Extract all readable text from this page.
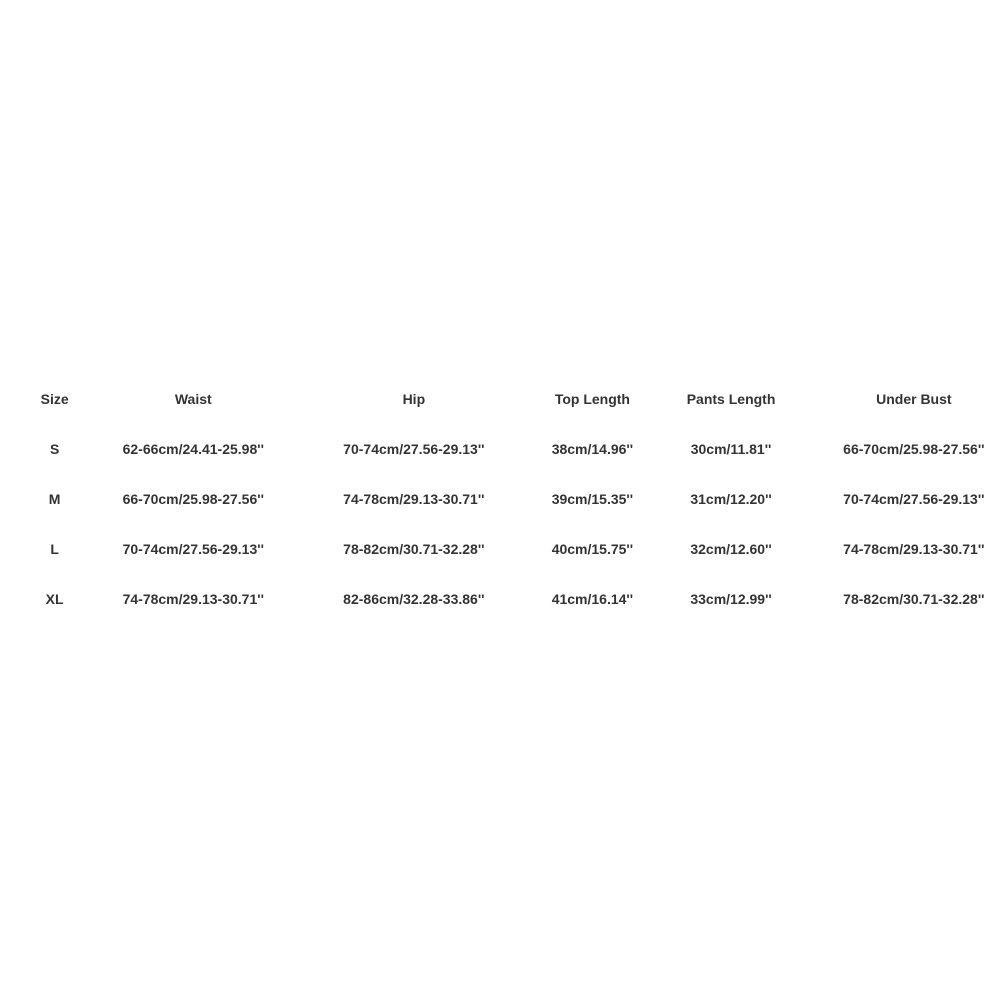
Size	Waist	Hip	Top Length	Pants Length	Under Bust
S	62-66cm/24.41-25.98''	70-74cm/27.56-29.13''	38cm/14.96''	30cm/11.81''	66-70cm/25.98-27.56''
M	66-70cm/25.98-27.56''	74-78cm/29.13-30.71''	39cm/15.35''	31cm/12.20''	70-74cm/27.56-29.13''
L	70-74cm/27.56-29.13''	78-82cm/30.71-32.28''	40cm/15.75''	32cm/12.60''	74-78cm/29.13-30.71''
XL	74-78cm/29.13-30.71''	82-86cm/32.28-33.86''	41cm/16.14''	33cm/12.99''	78-82cm/30.71-32.28''
